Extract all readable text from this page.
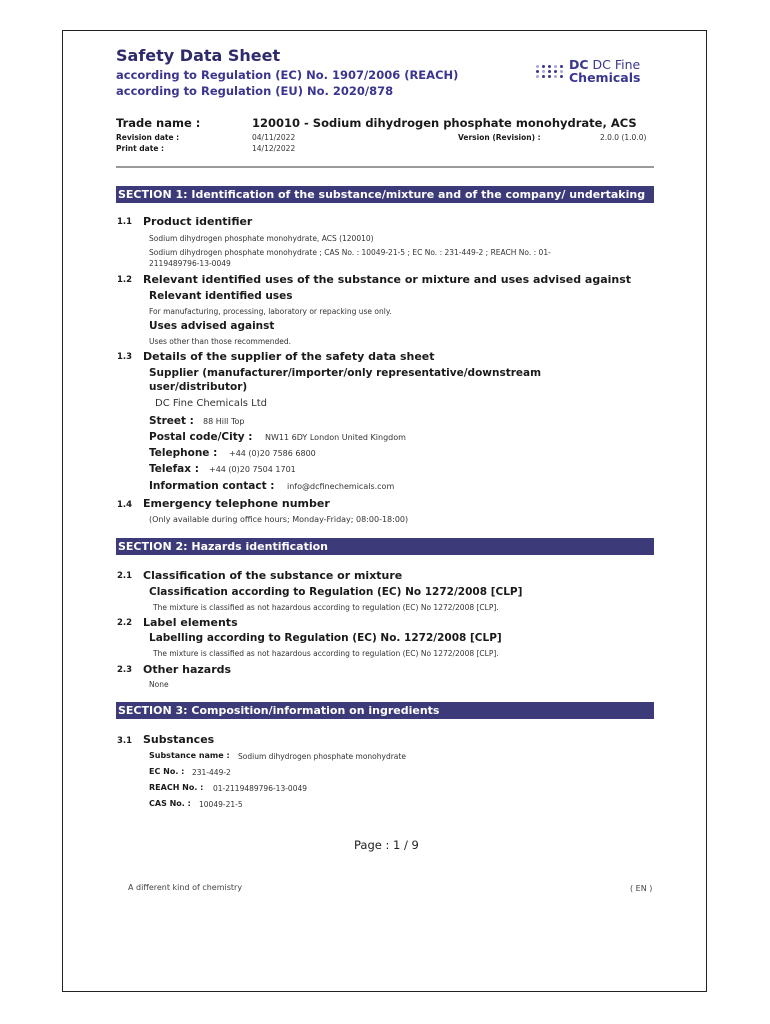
Safety Data Sheet
according to Regulation (EC) No. 1907/2006 (REACH)
according to Regulation (EU) No. 2020/878
DC DC Fine
Chemicals
Trade name :	120010 - Sodium dihydrogen phosphate monohydrate, ACS
Revision date :	04/11/2022
Print date :	14/12/2022
Version (Revision) :	2.0.0 (1.0.0)
SECTION 1: Identification of the substance/mixture and of the company/ undertaking
1.1 Product identifier
Sodium dihydrogen phosphate monohydrate, ACS (120010)
Sodium dihydrogen phosphate monohydrate ; CAS No. : 10049-21-5 ; EC No. : 231-449-2 ; REACH No. : 01-
2119489796-13-0049
1.2 Relevant identified uses of the substance or mixture and uses advised against
Relevant identified uses
For manufacturing, processing, laboratory or repacking use only.
Uses advised against
Uses other than those recommended.
1.3 Details of the supplier of the safety data sheet
Supplier (manufacturer/importer/only representative/downstream
user/distributor)
DC Fine Chemicals Ltd
Street : 88 Hill Top
Postal code/City : NW11 6DY London United Kingdom
Telephone : +44 (0)20 7586 6800
Telefax : +44 (0)20 7504 1701
Information contact : info@dcfinechemicals.com
1.4 Emergency telephone number
(Only available during office hours; Monday-Friday; 08:00-18:00)
SECTION 2: Hazards identification
2.1 Classification of the substance or mixture
Classification according to Regulation (EC) No 1272/2008 [CLP]
The mixture is classified as not hazardous according to regulation (EC) No 1272/2008 [CLP].
2.2 Label elements
Labelling according to Regulation (EC) No. 1272/2008 [CLP]
The mixture is classified as not hazardous according to regulation (EC) No 1272/2008 [CLP].
2.3 Other hazards
None
SECTION 3: Composition/information on ingredients
3.1 Substances
Substance name : Sodium dihydrogen phosphate monohydrate
EC No. : 231-449-2
REACH No. : 01-2119489796-13-0049
CAS No. : 10049-21-5
Page : 1 / 9
A different kind of chemistry	( EN )
